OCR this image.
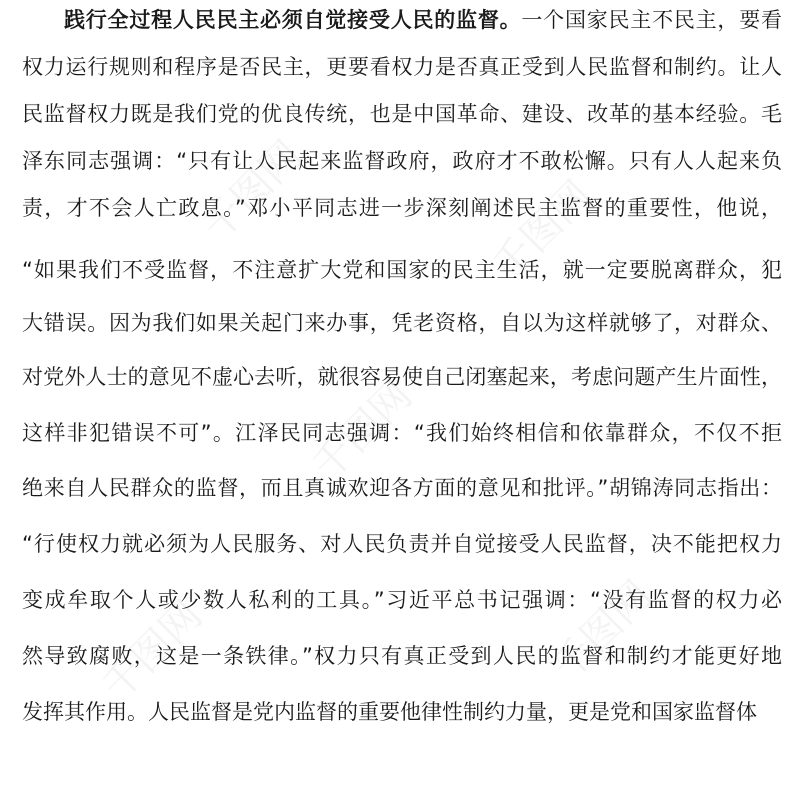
千图网	千图网
千图网
千图网	千图网
践行全过程人民民主必须自觉接受人民的监督。一个国家民主不民主，要看
权力运行规则和程序是否民主，更要看权力是否真正受到人民监督和制约。让人
民监督权力既是我们党的优良传统，也是中国革命、建设、改革的基本经验。毛
泽东同志强调：“只有让人民起来监督政府，政府才不敢松懈。只有人人起来负
责，才不会人亡政息。”邓小平同志进一步深刻阐述民主监督的重要性，他说，
“如果我们不受监督，不注意扩大党和国家的民主生活，就一定要脱离群众，犯
大错误。因为我们如果关起门来办事，凭老资格，自以为这样就够了，对群众、
对党外人士的意见不虚心去听，就很容易使自己闭塞起来，考虑问题产生片面性，
这样非犯错误不可”。江泽民同志强调：“我们始终相信和依靠群众，不仅不拒
绝来自人民群众的监督，而且真诚欢迎各方面的意见和批评。”胡锦涛同志指出：
“行使权力就必须为人民服务、对人民负责并自觉接受人民监督，决不能把权力
变成牟取个人或少数人私利的工具。”习近平总书记强调：“没有监督的权力必
然导致腐败，这是一条铁律。”权力只有真正受到人民的监督和制约才能更好地
发挥其作用。人民监督是党内监督的重要他律性制约力量，更是党和国家监督体
